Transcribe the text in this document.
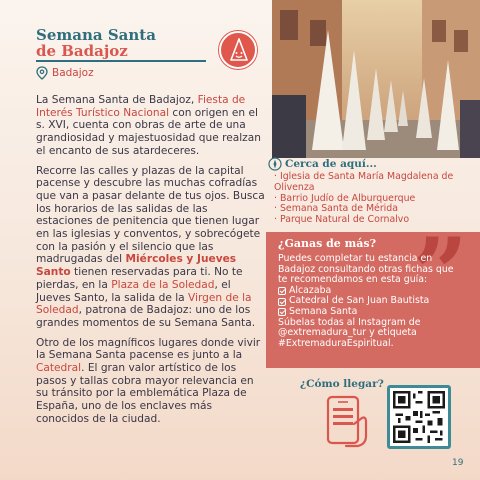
Semana Santa
de Badajoz
Badajoz

La Semana Santa de Badajoz, Fiesta de Interés Turístico Nacional con origen en el s. XVI, cuenta con obras de arte de una grandiosidad y majestuosidad que realzan el encanto de sus atardeceres.

Recorre las calles y plazas de la capital pacense y descubre las muchas cofradías que van a pasar delante de tus ojos. Busca los horarios de las salidas de las estaciones de penitencia que tienen lugar en las iglesias y conventos, y sobrecógete con la pasión y el silencio que las madrugadas del Miércoles y Jueves Santo tienen reservadas para ti. No te pierdas, en la Plaza de la Soledad, el Jueves Santo, la salida de la Virgen de la Soledad, patrona de Badajoz: uno de los grandes momentos de su Semana Santa.

Otro de los magníficos lugares donde vivir la Semana Santa pacense es junto a la Catedral. El gran valor artístico de los pasos y tallas cobra mayor relevancia en su tránsito por la emblemática Plaza de España, uno de los enclaves más conocidos de la ciudad.

Cerca de aquí...
· Iglesia de Santa María Magdalena de Olivenza
· Barrio Judío de Alburquerque
· Semana Santa de Mérida
· Parque Natural de Cornalvo ”
¿Ganas de más?
Puedes completar tu estancia en Badajoz consultando otras fichas que te recomendamos en esta guía:
Alcazaba
Catedral de San Juan Bautista
Semana Santa
Súbelas todas al Instagram de @extremadura_tur y etiqueta #ExtremaduraEspiritual.
¿Cómo llegar?
19
